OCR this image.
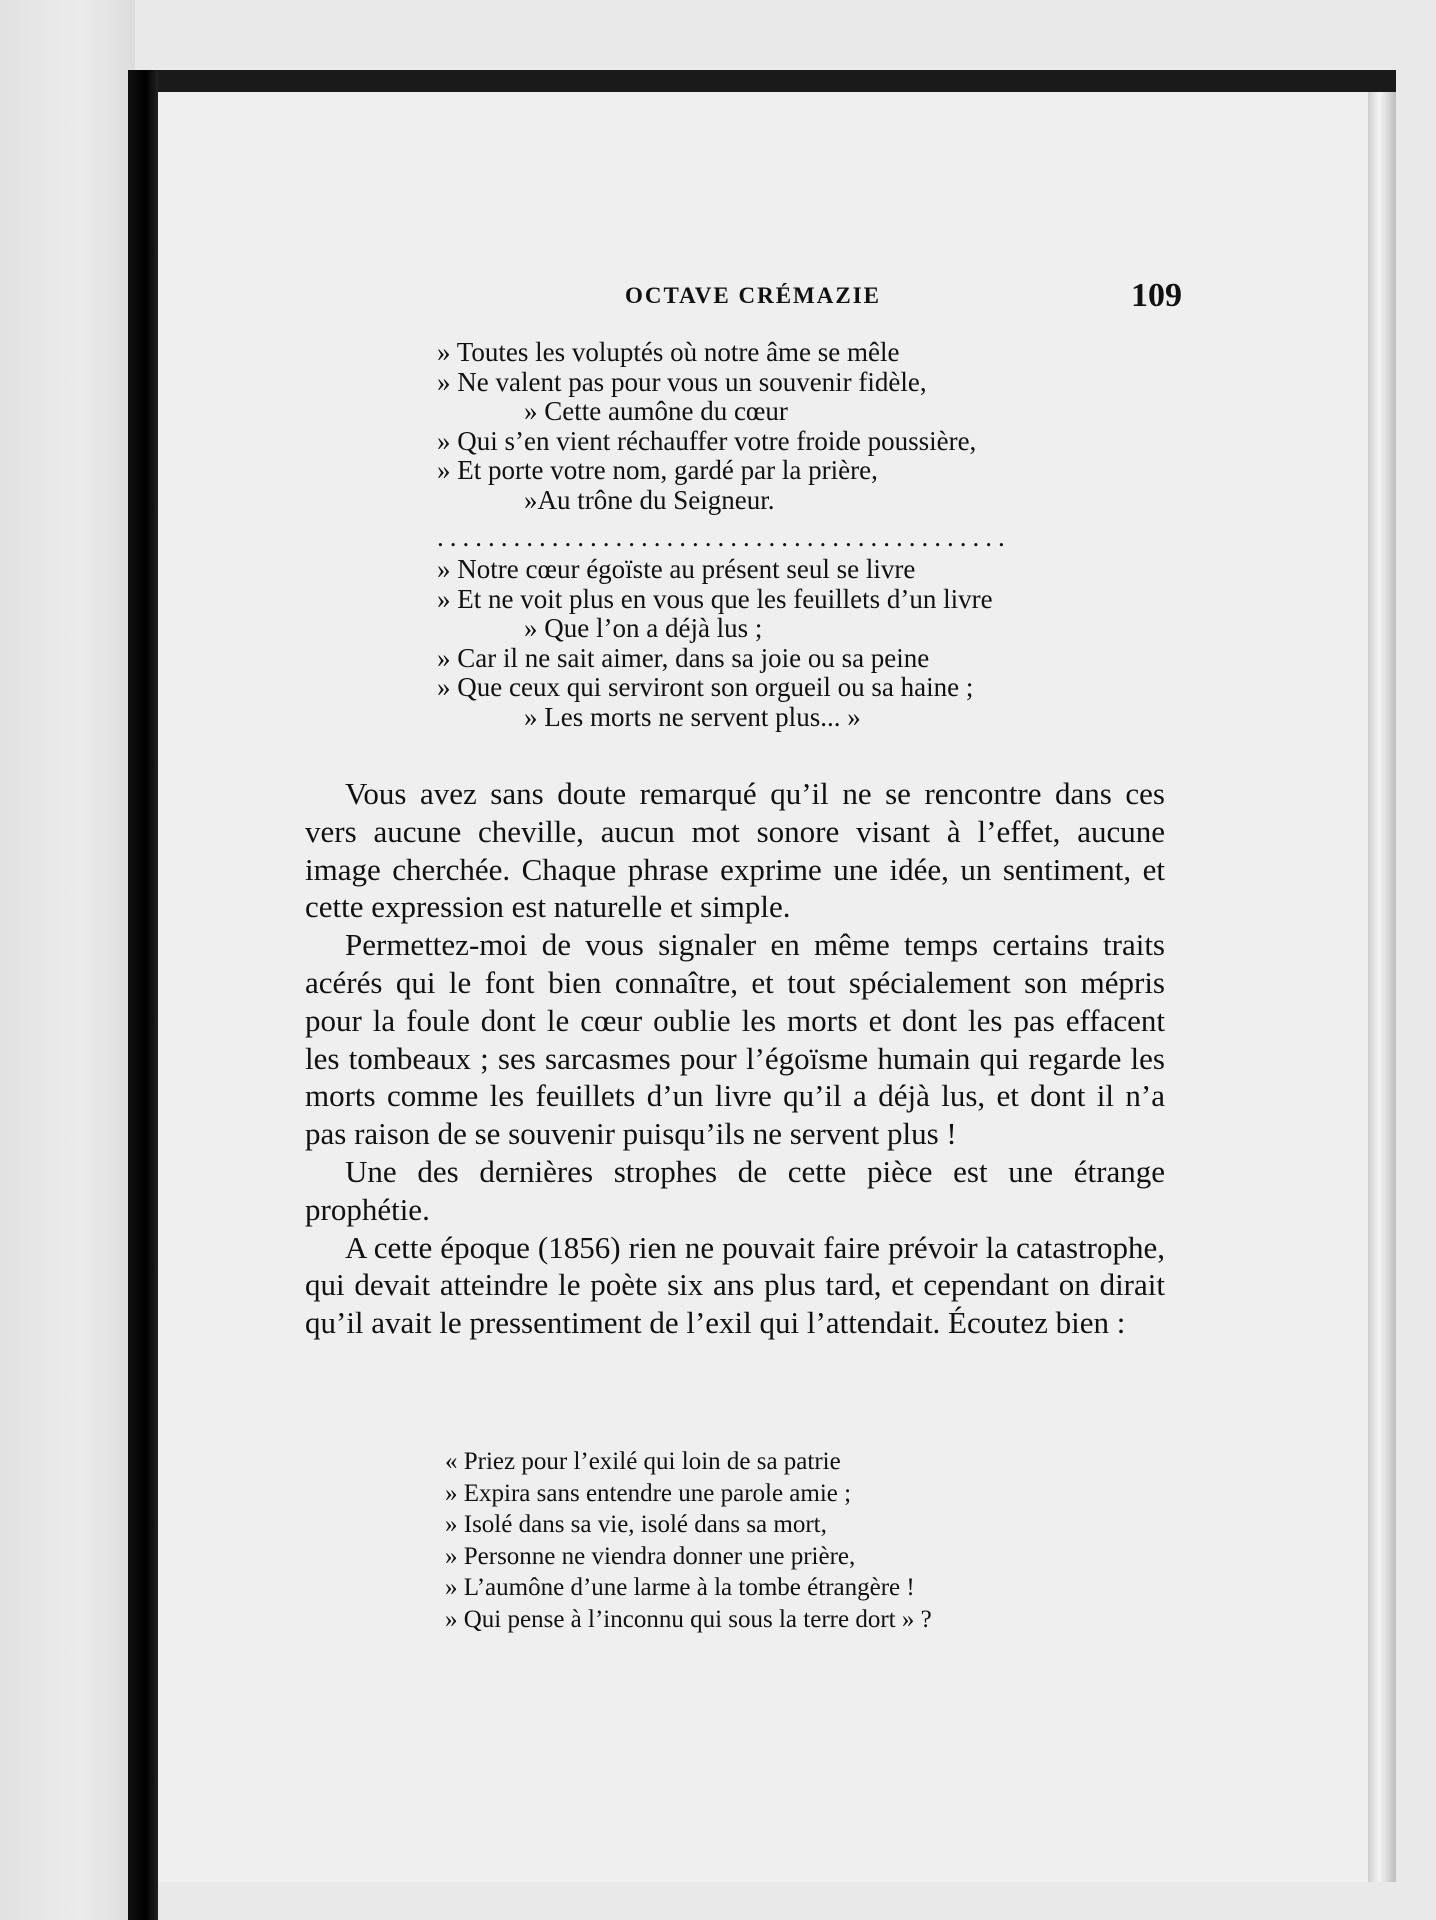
OCTAVE CRÉMAZIE	109
» Toutes les voluptés où notre âme se mêle
» Ne valent pas pour vous un souvenir fidèle,
» Cette aumône du cœur
» Qui s’en vient réchauffer votre froide poussière,
» Et porte votre nom, gardé par la prière,
»Au trône du Seigneur.
.............................................
» Notre cœur égoïste au présent seul se livre
» Et ne voit plus en vous que les feuillets d’un livre
» Que l’on a déjà lus ;
» Car il ne sait aimer, dans sa joie ou sa peine
» Que ceux qui serviront son orgueil ou sa haine ;
» Les morts ne servent plus... »

Vous avez sans doute remarqué qu’il ne se rencontre dans ces vers aucune cheville, aucun mot sonore visant à l’effet, aucune image cherchée. Chaque phrase exprime une idée, un sentiment, et cette expression est naturelle et simple.

Permettez-moi de vous signaler en même temps certains traits acérés qui le font bien connaître, et tout spécialement son mépris pour la foule dont le cœur oublie les morts et dont les pas effacent les tombeaux ; ses sarcasmes pour l’égoïsme humain qui regarde les morts comme les feuillets d’un livre qu’il a déjà lus, et dont il n’a pas raison de se souvenir puisqu’ils ne servent plus !

Une des dernières strophes de cette pièce est une étrange prophétie.

A cette époque (1856) rien ne pouvait faire prévoir la catastrophe, qui devait atteindre le poète six ans plus tard, et cependant on dirait qu’il avait le pressentiment de l’exil qui l’attendait. Écoutez bien :

« Priez pour l’exilé qui loin de sa patrie
» Expira sans entendre une parole amie ;
» Isolé dans sa vie, isolé dans sa mort,
» Personne ne viendra donner une prière,
» L’aumône d’une larme à la tombe étrangère !
» Qui pense à l’inconnu qui sous la terre dort » ?
